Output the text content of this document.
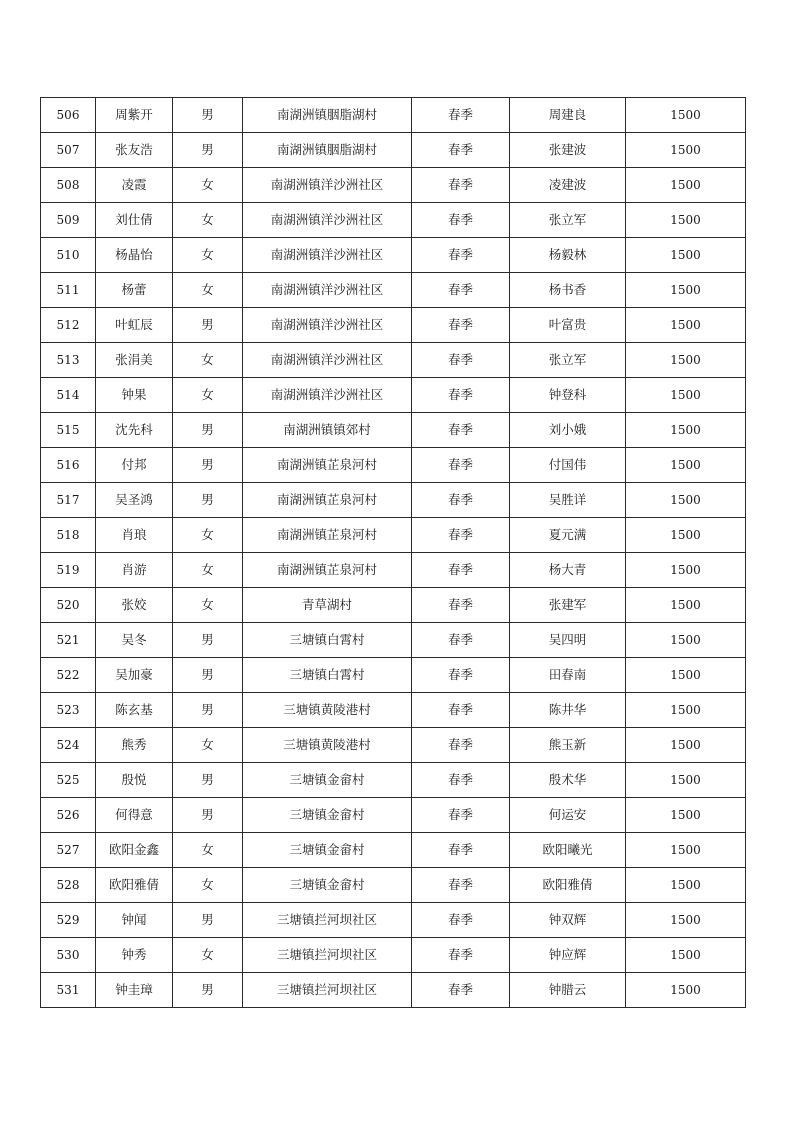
506	周紫开	男	南湖洲镇胭脂湖村	春季	周建良	1500
507	张友浩	男	南湖洲镇胭脂湖村	春季	张建波	1500
508	凌霞	女	南湖洲镇洋沙洲社区	春季	凌建波	1500
509	刘仕倩	女	南湖洲镇洋沙洲社区	春季	张立军	1500
510	杨晶怡	女	南湖洲镇洋沙洲社区	春季	杨毅林	1500
511	杨蕾	女	南湖洲镇洋沙洲社区	春季	杨书香	1500
512	叶虹辰	男	南湖洲镇洋沙洲社区	春季	叶富贵	1500
513	张涓美	女	南湖洲镇洋沙洲社区	春季	张立军	1500
514	钟果	女	南湖洲镇洋沙洲社区	春季	钟登科	1500
515	沈先科	男	南湖洲镇镇郊村	春季	刘小娥	1500
516	付邦	男	南湖洲镇芷泉河村	春季	付国伟	1500
517	吴圣鸿	男	南湖洲镇芷泉河村	春季	吴胜详	1500
518	肖琅	女	南湖洲镇芷泉河村	春季	夏元满	1500
519	肖游	女	南湖洲镇芷泉河村	春季	杨大青	1500
520	张姣	女	青草湖村	春季	张建军	1500
521	吴冬	男	三塘镇白霄村	春季	吴四明	1500
522	吴加豪	男	三塘镇白霄村	春季	田春南	1500
523	陈玄基	男	三塘镇黄陵港村	春季	陈井华	1500
524	熊秀	女	三塘镇黄陵港村	春季	熊玉新	1500
525	殷悦	男	三塘镇金畲村	春季	殷术华	1500
526	何得意	男	三塘镇金畲村	春季	何运安	1500
527	欧阳金鑫	女	三塘镇金畲村	春季	欧阳曦光	1500
528	欧阳雅倩	女	三塘镇金畲村	春季	欧阳雅倩	1500
529	钟闻	男	三塘镇拦河坝社区	春季	钟双辉	1500
530	钟秀	女	三塘镇拦河坝社区	春季	钟应辉	1500
531	钟圭璋	男	三塘镇拦河坝社区	春季	钟腊云	1500
